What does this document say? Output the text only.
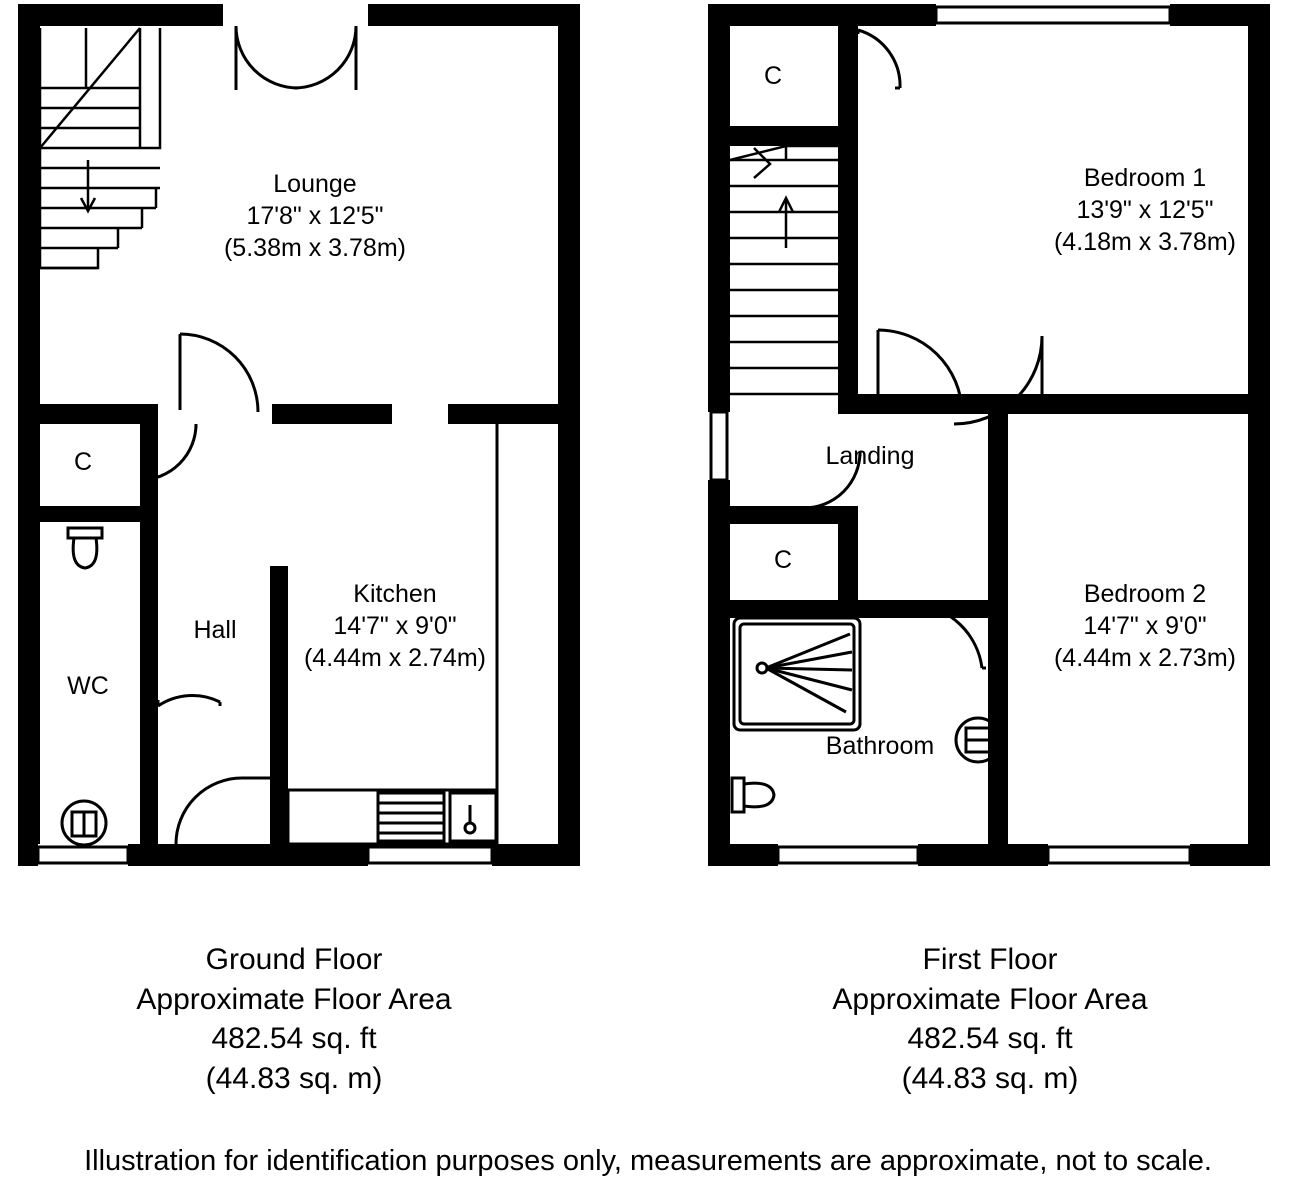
Lounge
17'8" x 12'5"
(5.38m x 3.78m)
Kitchen
14'7" x 9'0"
(4.44m x 2.74m)
Hall
WC
C
Bedroom 1
13'9" x 12'5"
(4.18m x 3.78m)
Bedroom 2
14'7" x 9'0"
(4.44m x 2.73m)
Landing
Bathroom
C
C
Ground Floor
Approximate Floor Area
482.54 sq. ft
(44.83 sq. m)
First Floor
Approximate Floor Area
482.54 sq. ft
(44.83 sq. m)
Illustration for identification purposes only, measurements are approximate, not to scale.
